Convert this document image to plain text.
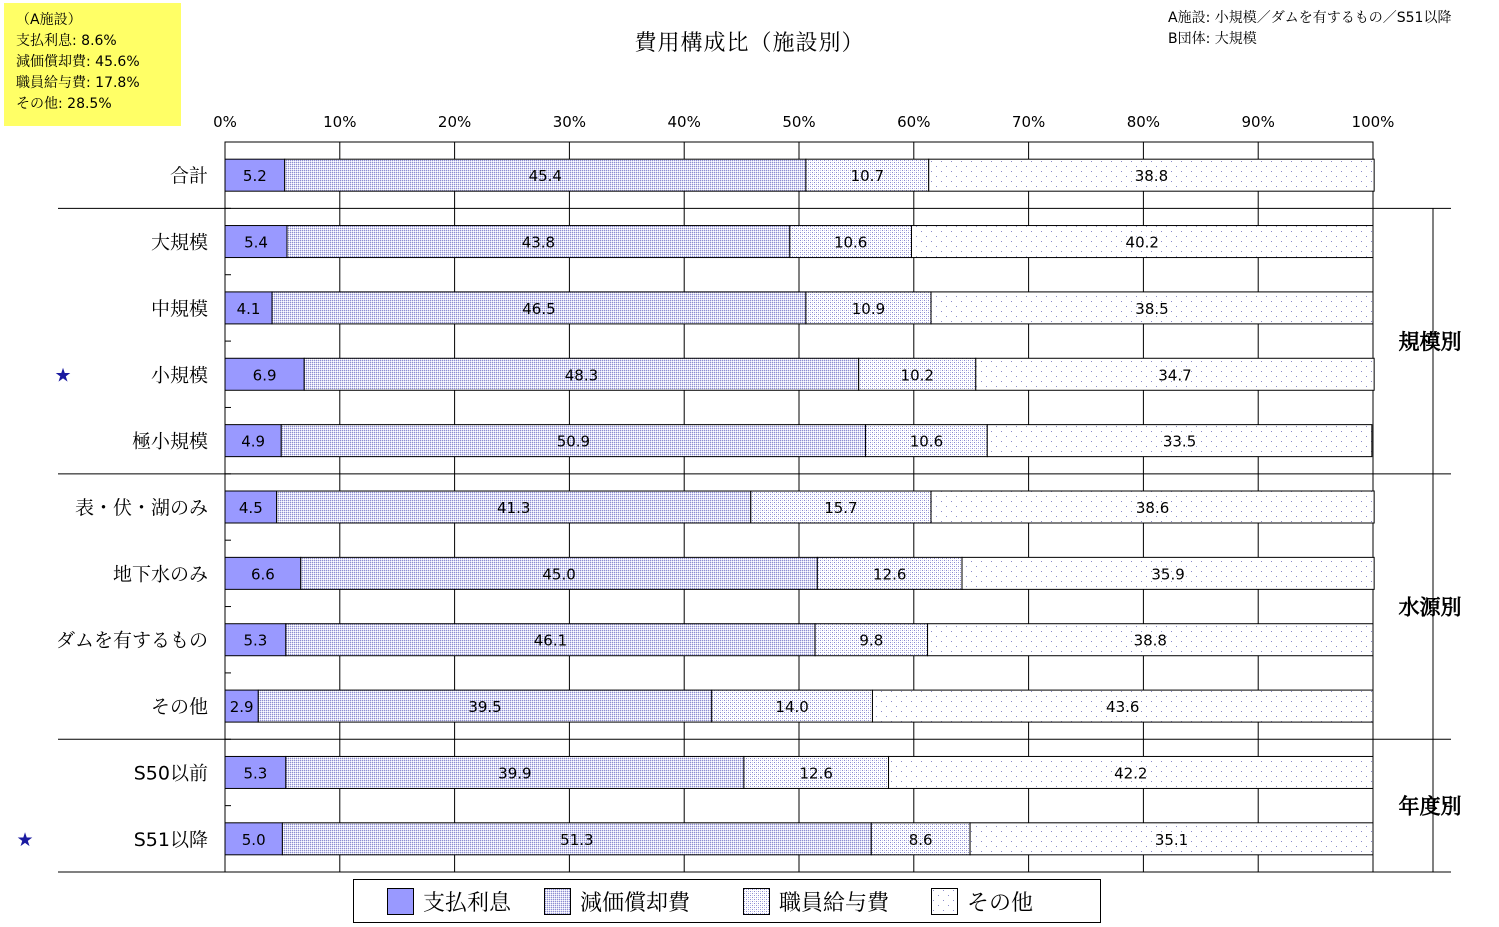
（A施設）
支払利息: 8.6%
減価償却費: 45.6%
職員給与費: 17.8%
その他: 28.5%
費用構成比（施設別）
A施設: 小規模／ダムを有するもの／S51以降
B団体: 大規模
0%	10%	20%	30%	40%	50%	60%	70%	80%	90%	100%
規模別
水源別
年度別
5.2	45.4	10.7	38.8
合計
5.4	43.8	10.6	40.2
大規模
4.1	46.5	10.9	38.5
中規模
6.9	48.3	10.2	34.7
小規模
★
4.9	50.9	10.6	33.5
極小規模
4.5	41.3	15.7	38.6
表・伏・湖のみ
6.6	45.0	12.6	35.9
地下水のみ
5.3	46.1	9.8	38.8
ダムを有するもの
2.9	39.5	14.0	43.6
その他
5.3	39.9	12.6	42.2
S50以前
5.0	51.3	8.6	35.1
S51以降
★
支払利息	減価償却費	職員給与費	その他
